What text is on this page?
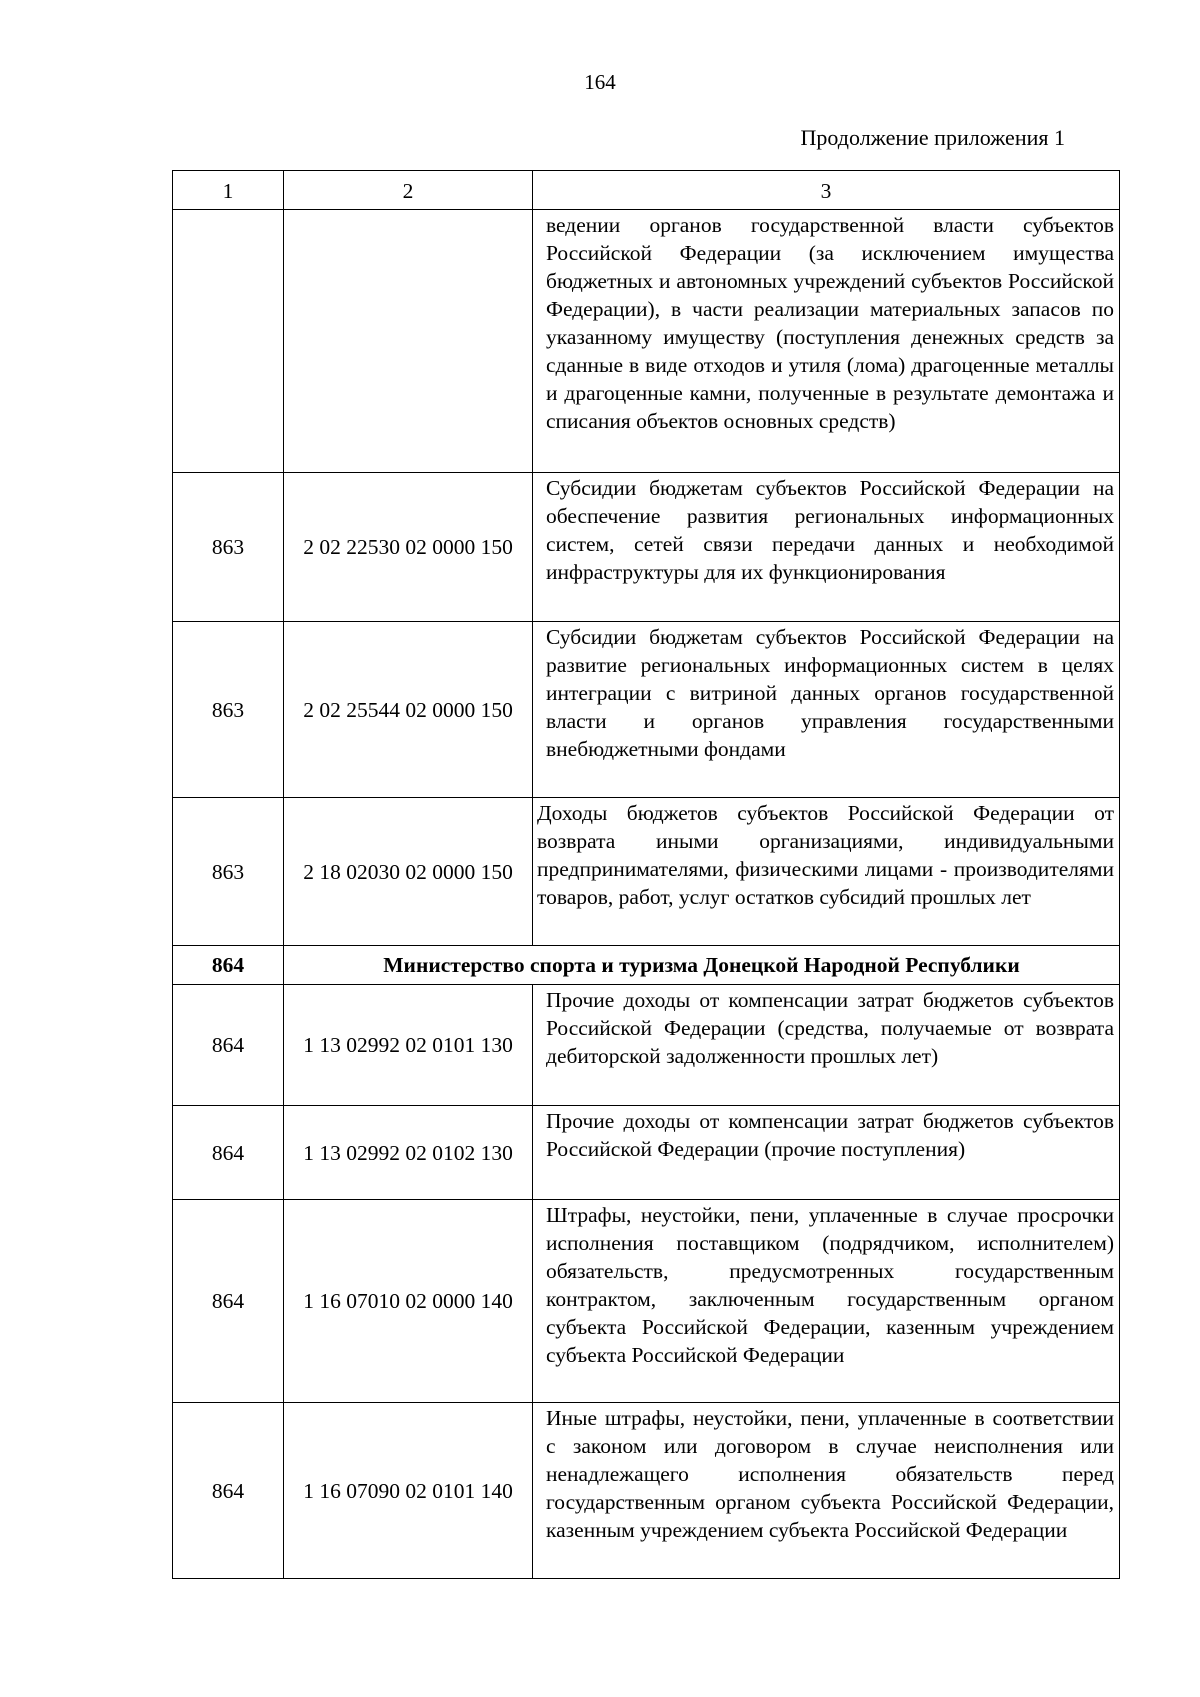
164
Продолжение приложения 1
1	2	3
		ведении органов государственной власти субъектов Российской Федерации (за исключением имущества бюджетных и автономных учреждений субъектов Российской Федерации), в части реализации материальных запасов по указанному имуществу (поступления денежных средств за сданные в виде отходов и утиля (лома) драгоценные металлы и драгоценные камни, полученные в результате демонтажа и списания объектов основных средств)
863	2 02 22530 02 0000 150	Субсидии бюджетам субъектов Российской Федерации на обеспечение развития региональных информационных систем, сетей связи передачи данных и необходимой инфраструктуры для их функционирования
863	2 02 25544 02 0000 150	Субсидии бюджетам субъектов Российской Федерации на развитие региональных информационных систем в целях интеграции с витриной данных органов государственной власти и органов управления государственными внебюджетными фондами
863	2 18 02030 02 0000 150	Доходы бюджетов субъектов Российской Федерации от возврата иными организациями, индивидуальными предпринимателями, физическими лицами - производителями товаров, работ, услуг остатков субсидий прошлых лет
864	Министерство спорта и туризма Донецкой Народной Республики	
864	1 13 02992 02 0101 130	Прочие доходы от компенсации затрат бюджетов субъектов Российской Федерации (средства, получаемые от возврата дебиторской задолженности прошлых лет)
864	1 13 02992 02 0102 130	Прочие доходы от компенсации затрат бюджетов субъектов Российской Федерации (прочие поступления)
864	1 16 07010 02 0000 140	Штрафы, неустойки, пени, уплаченные в случае просрочки исполнения поставщиком (подрядчиком, исполнителем) обязательств, предусмотренных государственным контрактом, заключенным государственным органом субъекта Российской Федерации, казенным учреждением субъекта Российской Федерации
864	1 16 07090 02 0101 140	Иные штрафы, неустойки, пени, уплаченные в соответствии с законом или договором в случае неисполнения или ненадлежащего исполнения обязательств перед государственным органом субъекта Российской Федерации, казенным учреждением субъекта Российской Федерации
